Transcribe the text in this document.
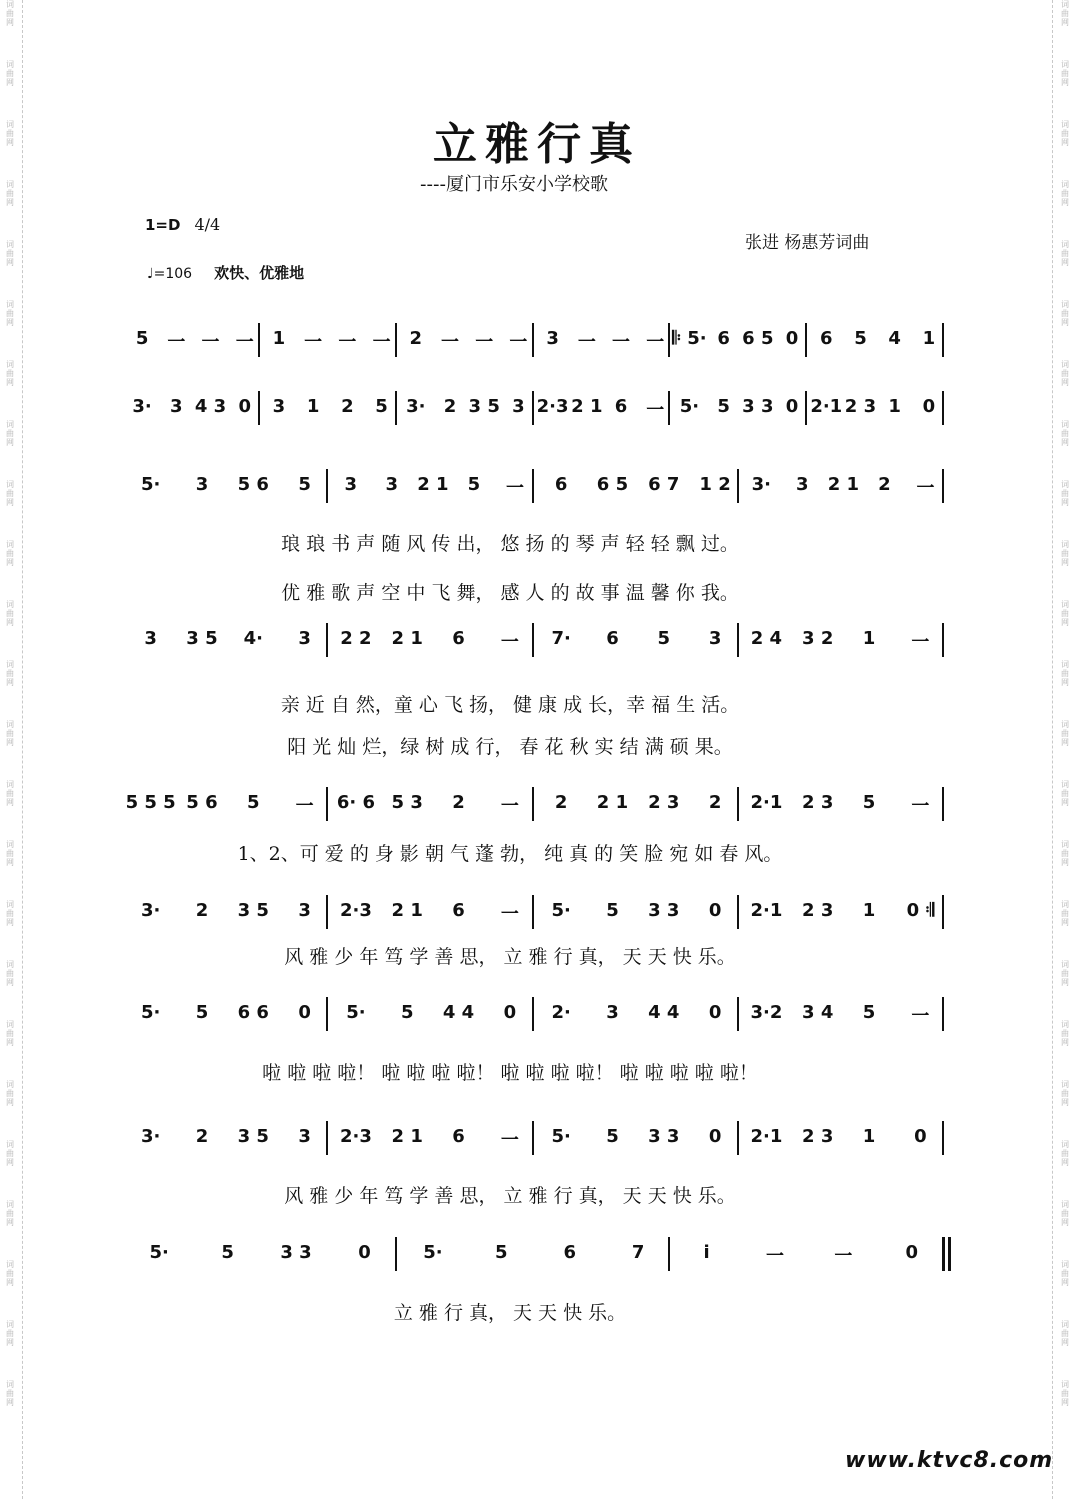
词
曲
网
词
曲
网
词
曲
网
词
曲
网
词
曲
网
词
曲
网
词
曲
网
词
曲
网
词
曲
网
词
曲
网
词
曲
网
词
曲
网
词
曲
网
词
曲
网
词
曲
网
词
曲
网
词
曲
网
词
曲
网
词
曲
网
词
曲
网
词
曲
网
词
曲
网
词
曲
网
词
曲
网
词
曲
网
词
曲
网
词
曲
网
词
曲
网
词
曲
网
词
曲
网
词
曲
网
词
曲
网
词
曲
网
词
曲
网
词
曲
网
词
曲
网
词
曲
网
词
曲
网
词
曲
网
词
曲
网
词
曲
网
词
曲
网
词
曲
网
词
曲
网
词
曲
网
词
曲
网
词
曲
网
词
曲
网
立雅行真
----厦门市乐安小学校歌
1=D 4/4
♩=106 欢快、优雅地
张进 杨惠芳词曲
5 一 一 一 1 一 一 一 2 一 一 一 3 一 一 一 𝄆 5· 6 6 5 0 6 5 4 1
3· 3 4 3 0 3 1 2 5 3· 2 3 5 3 2·3 2 1 6 一 5· 5 3 3 0 2·1 2 3 1 0
5· 3 5 6 5 3 3 2 1 5 一 6 6 5 6 7 1 2 3· 3 2 1 2 一
琅 琅 书 声 随 风 传 出， 悠 扬 的 琴 声 轻 轻 飘 过。
优 雅 歌 声 空 中 飞 舞， 感 人 的 故 事 温 馨 你 我。
3 3 5 4· 3 2 2 2 1 6 一 7· 6 5 3 2 4 3 2 1 一
亲 近 自 然，童 心 飞 扬， 健 康 成 长，幸 福 生 活。
阳 光 灿 烂，绿 树 成 行， 春 花 秋 实 结 满 硕 果。
5 5 5 5 6 5 一 6· 6 5 3 2 一 2 2 1 2 3 2 2·1 2 3 5 一
1、2、可 爱 的 身 影 朝 气 蓬 勃， 纯 真 的 笑 脸 宛 如 春 风。
3· 2 3 5 3 2·3 2 1 6 一 5· 5 3 3 0 2·1 2 3 1 0 𝄇
风 雅 少 年 笃 学 善 思， 立 雅 行 真， 天 天 快 乐。
5· 5 6 6 0 5· 5 4 4 0 2· 3 4 4 0 3·2 3 4 5 一
啦 啦 啦 啦！ 啦 啦 啦 啦！ 啦 啦 啦 啦！ 啦 啦 啦 啦 啦！
3· 2 3 5 3 2·3 2 1 6 一 5· 5 3 3 0 2·1 2 3 1 0
风 雅 少 年 笃 学 善 思， 立 雅 行 真， 天 天 快 乐。
5·	5	3 3	0	5·	5	6	7	i	一	一	0
立 雅 行 真， 天 天 快 乐。
www.ktvc8.com
